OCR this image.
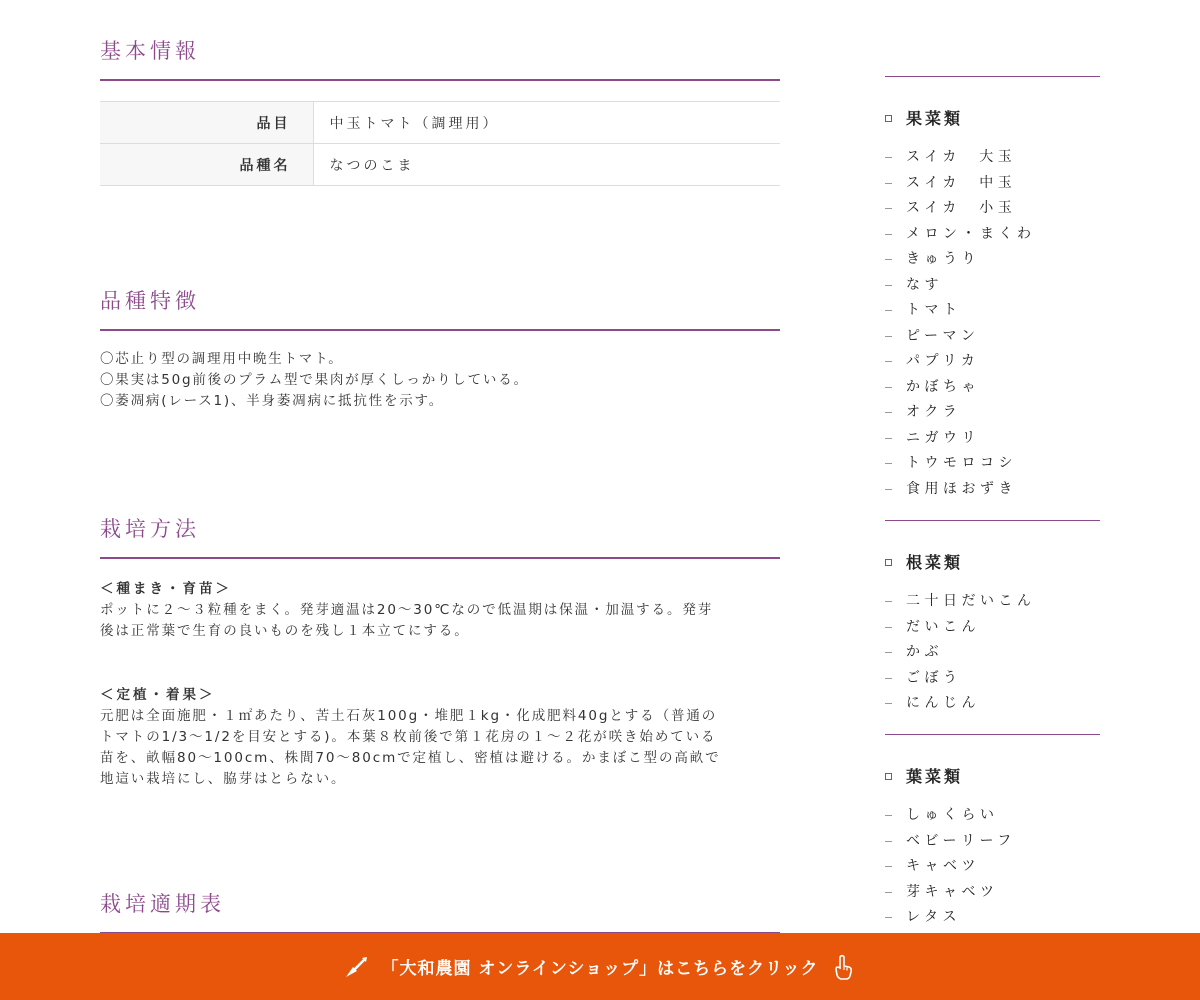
基本情報
品目	中玉トマト（調理用）
品種名	なつのこま
品種特徴
〇芯止り型の調理用中晩生トマト。
〇果実は50g前後のプラム型で果肉が厚くしっかりしている。
〇萎凋病(レース1)、半身萎凋病に抵抗性を示す。
栽培方法
＜種まき・育苗＞
ポットに２～３粒種をまく。発芽適温は20～30℃なので低温期は保温・加温する。発芽
後は正常葉で生育の良いものを残し１本立てにする。
＜定植・着果＞
元肥は全面施肥・１㎡あたり、苦土石灰100g・堆肥１kg・化成肥料40gとする（普通の
トマトの1/3～1/2を目安とする)。本葉８枚前後で第１花房の１～２花が咲き始めている
苗を、畝幅80～100cm、株間70～80cmで定植し、密植は避ける。かまぼこ型の高畝で
地這い栽培にし、脇芽はとらない。
栽培適期表
果菜類
スイカ　大玉
スイカ　中玉
スイカ　小玉
メロン・まくわ
きゅうり
なす
トマト
ピーマン
パプリカ
かぼちゃ
オクラ
ニガウリ
トウモロコシ
食用ほおずき
根菜類
二十日だいこん
だいこん
かぶ
ごぼう
にんじん
葉菜類
しゅくらい
ベビーリーフ
キャベツ
芽キャベツ
レタス
「大和農園 オンラインショップ」はこちらをクリック
